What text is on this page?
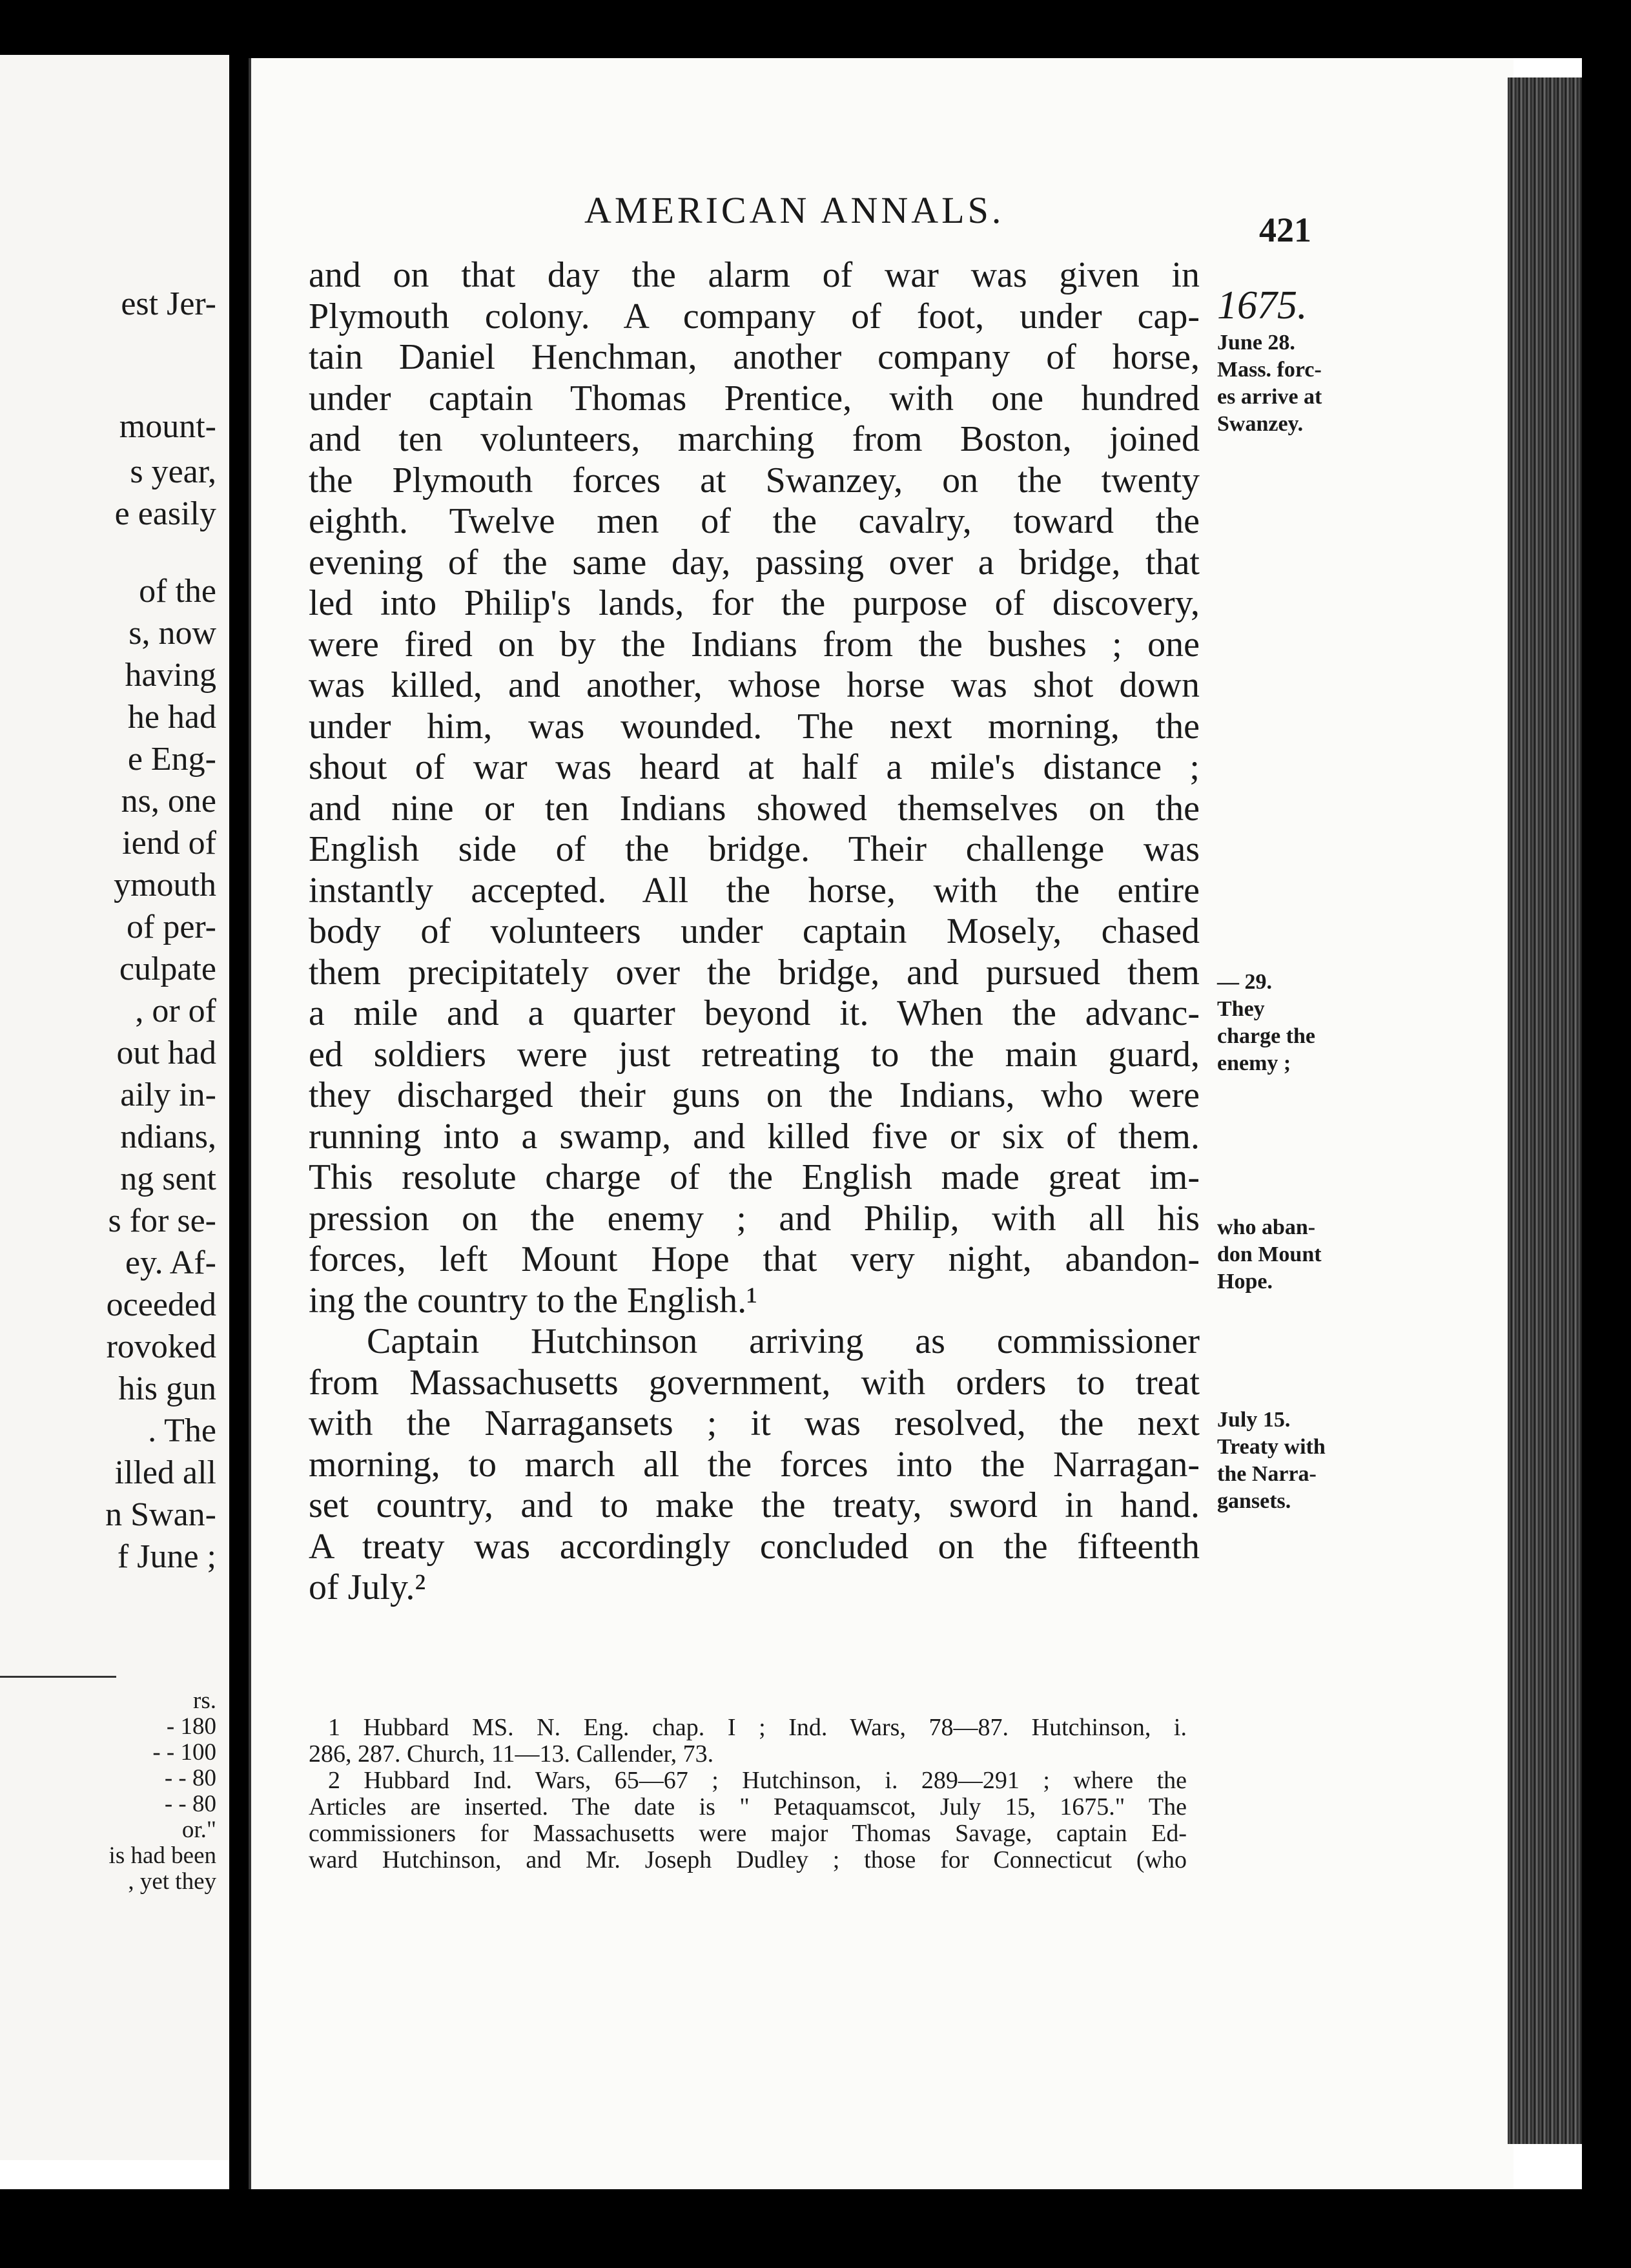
est Jer-
mount-
s year,
e easily
of the
s, now
having
he had
e Eng-
ns, one
iend of
ymouth
of per-
culpate
, or of
out had
aily in-
ndians,
ng sent
s for se-
ey. Af-
oceeded
rovoked
his gun
. The
illed all
n Swan-
f June ;
rs.
- 180
- - 100
- - 80
- - 80
or."
is had been
, yet they
AMERICAN ANNALS.	421
and on that day the alarm of war was given in
Plymouth colony. A company of foot, under cap-
tain Daniel Henchman, another company of horse,
under captain Thomas Prentice, with one hundred
and ten volunteers, marching from Boston, joined
the Plymouth forces at Swanzey, on the twenty
eighth. Twelve men of the cavalry, toward the
evening of the same day, passing over a bridge, that
led into Philip's lands, for the purpose of discovery,
were fired on by the Indians from the bushes ; one
was killed, and another, whose horse was shot down
under him, was wounded. The next morning, the
shout of war was heard at half a mile's distance ;
and nine or ten Indians showed themselves on the
English side of the bridge. Their challenge was
instantly accepted. All the horse, with the entire
body of volunteers under captain Mosely, chased
them precipitately over the bridge, and pursued them
a mile and a quarter beyond it. When the advanc-
ed soldiers were just retreating to the main guard,
they discharged their guns on the Indians, who were
running into a swamp, and killed five or six of them.
This resolute charge of the English made great im-
pression on the enemy ; and Philip, with all his
forces, left Mount Hope that very night, abandon-
ing the country to the English.¹
Captain Hutchinson arriving as commissioner
from Massachusetts government, with orders to treat
with the Narragansets ; it was resolved, the next
morning, to march all the forces into the Narragan-
set country, and to make the treaty, sword in hand.
A treaty was accordingly concluded on the fifteenth
of July.²
1675.
June 28.
Mass. forc-
es arrive at
Swanzey.
— 29.
They
charge the
enemy ;
who aban-
don Mount
Hope.
July 15.
Treaty with
the Narra-
gansets.
1 Hubbard MS. N. Eng. chap. I ; Ind. Wars, 78—87. Hutchinson, i.
286, 287. Church, 11—13. Callender, 73.
2 Hubbard Ind. Wars, 65—67 ; Hutchinson, i. 289—291 ; where the
Articles are inserted. The date is " Petaquamscot, July 15, 1675." The
commissioners for Massachusetts were major Thomas Savage, captain Ed-
ward Hutchinson, and Mr. Joseph Dudley ; those for Connecticut (who
